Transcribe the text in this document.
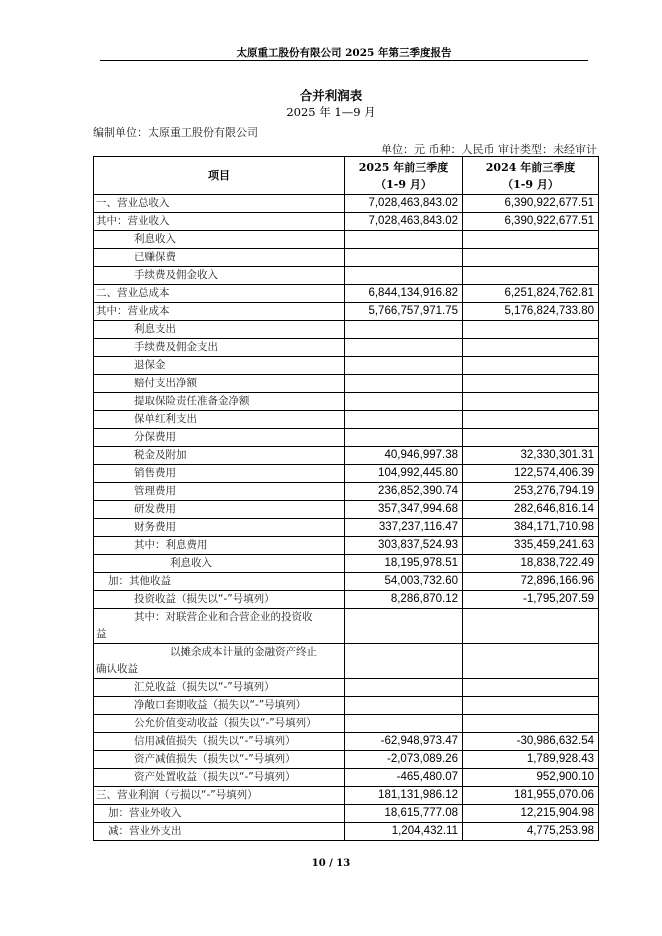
太原重工股份有限公司 2025 年第三季度报告
合并利润表
2025 年 1—9 月
编制单位：太原重工股份有限公司
单位：元 币种：人民币 审计类型：未经审计
项目	
2025 年前三季度
（1-9 月）

2024 年前三季度
（1-9 月）

一、营业总收入	7,028,463,843.02	6,390,922,677.51
其中：营业收入	7,028,463,843.02	6,390,922,677.51
利息收入		
已赚保费		
手续费及佣金收入		
二、营业总成本	6,844,134,916.82	6,251,824,762.81
其中：营业成本	5,766,757,971.75	5,176,824,733.80
利息支出		
手续费及佣金支出		
退保金		
赔付支出净额		
提取保险责任准备金净额		
保单红利支出		
分保费用		
税金及附加	40,946,997.38	32,330,301.31
销售费用	104,992,445.80	122,574,406.39
管理费用	236,852,390.74	253,276,794.19
研发费用	357,347,994.68	282,646,816.14
财务费用	337,237,116.47	384,171,710.98
其中：利息费用	303,837,524.93	335,459,241.63
利息收入	18,195,978.51	18,838,722.49
加：其他收益	54,003,732.60	72,896,166.96
投资收益（损失以“-”号填列）	8,286,870.12	-1,795,207.59

其中：对联营企业和合营企业的投资收
益		

以摊余成本计量的金融资产终止
确认收益		

汇兑收益（损失以“-”号填列）		
净敞口套期收益（损失以“-”号填列）		
公允价值变动收益（损失以“-”号填列）		
信用减值损失（损失以“-”号填列）	-62,948,973.47	-30,986,632.54
资产减值损失（损失以“-”号填列）	-2,073,089.26	1,789,928.43
资产处置收益（损失以“-”号填列）	-465,480.07	952,900.10
三、营业利润（亏损以“-”号填列）	181,131,986.12	181,955,070.06
加：营业外收入	18,615,777.08	12,215,904.98
减：营业外支出	1,204,432.11	4,775,253.98
10 / 13
